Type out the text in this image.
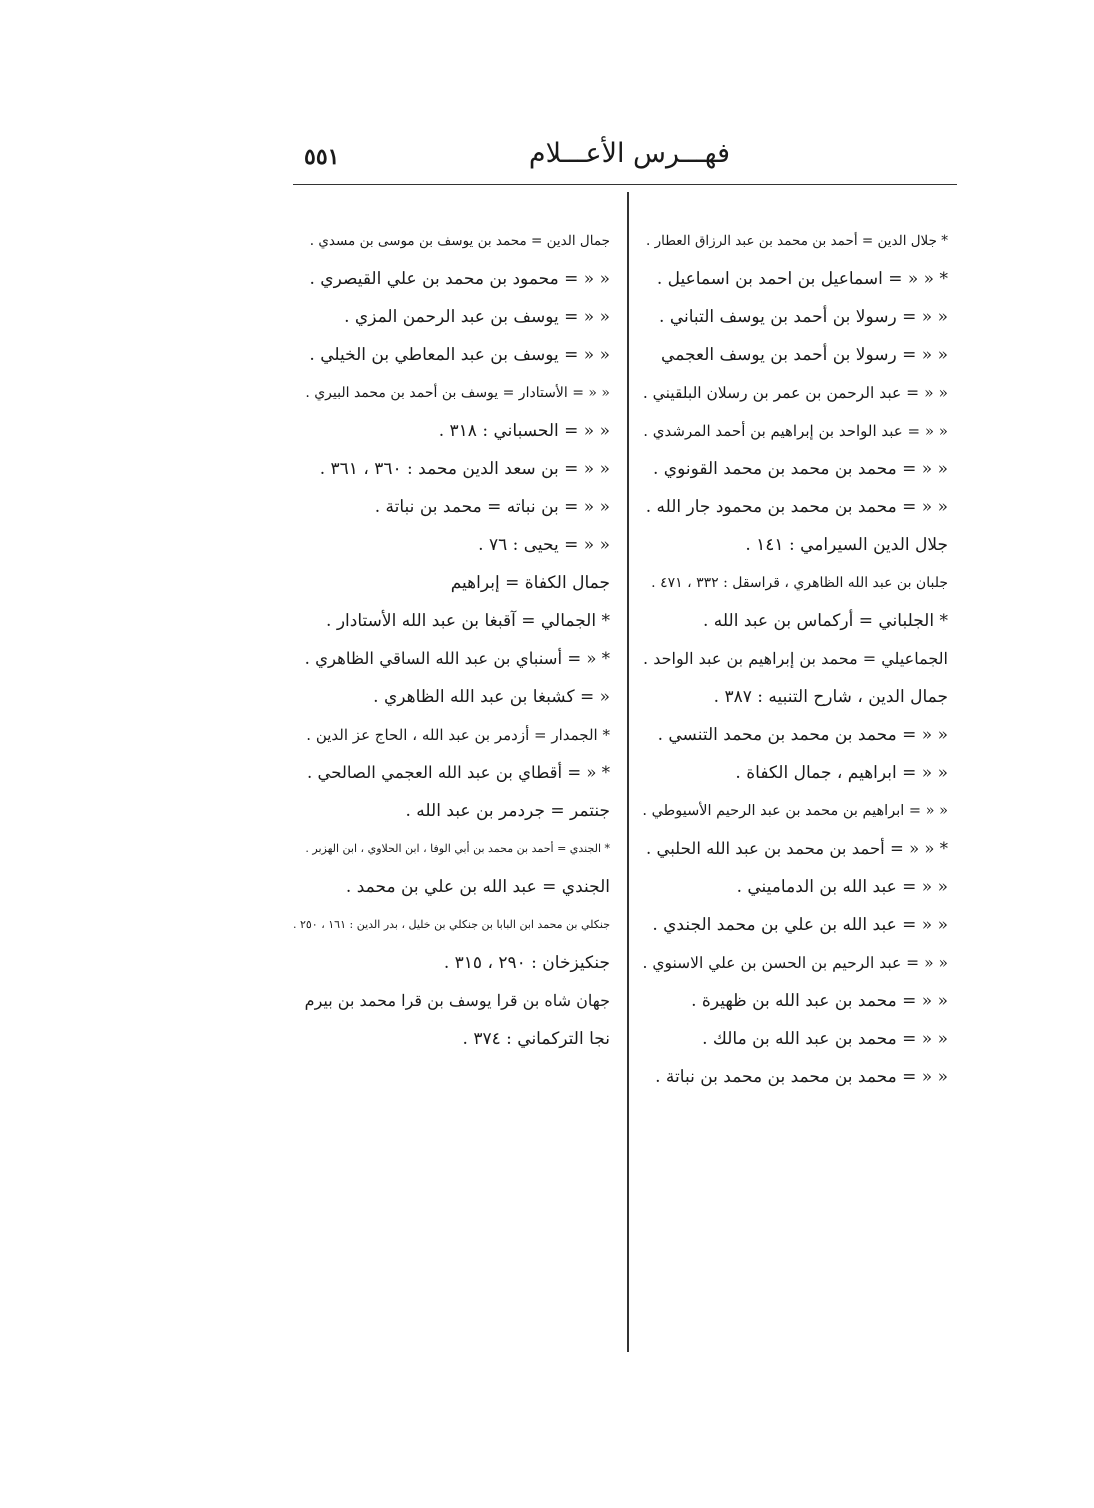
فهـــرس الأعـــلام
٥٥١

* جلال الدين = أحمد بن محمد بن عبد الرزاق العطار .

* « « = اسماعيل بن احمد بن اسماعيل .

« « = رسولا بن أحمد بن يوسف التباني .

« « = رسولا بن أحمد بن يوسف العجمي

« « = عبد الرحمن بن عمر بن رسلان البلقيني .

« « = عبد الواحد بن إبراهيم بن أحمد المرشدي .

« « = محمد بن محمد بن محمد القونوي .

« « = محمد بن محمد بن محمود جار الله .

جلال الدين السيرامي : ١٤١ .

جلبان بن عبد الله الظاهري ، قراسقل : ٣٣٢ ، ٤٧١ .

* الجلباني = أركماس بن عبد الله .

الجماعيلي = محمد بن إبراهيم بن عبد الواحد .

جمال الدين ، شارح التنبيه : ٣٨٧ .

« « = محمد بن محمد بن محمد التنسي .

« « = ابراهيم ، جمال الكفاة .

« « = ابراهيم بن محمد بن عبد الرحيم الأسيوطي .

* « « = أحمد بن محمد بن عبد الله الحلبي .

« « = عبد الله بن الدماميني .

« « = عبد الله بن علي بن محمد الجندي .

« « = عبد الرحيم بن الحسن بن علي الاسنوي .

« « = محمد بن عبد الله بن ظهيرة .

« « = محمد بن عبد الله بن مالك .

« « = محمد بن محمد بن محمد بن نباتة .

جمال الدين = محمد بن يوسف بن موسى بن مسدي .

« « = محمود بن محمد بن علي القيصري .

« « = يوسف بن عبد الرحمن المزي .

« « = يوسف بن عبد المعاطي بن الخيلي .

« « = الأستادار = يوسف بن أحمد بن محمد البيري .

« « = الحسباني : ٣١٨ .

« « = بن سعد الدين محمد : ٣٦٠ ، ٣٦١ .

« « = بن نباته = محمد بن نباتة .

« « = يحيى : ٧٦ .

جمال الكفاة = إبراهيم

* الجمالي = آقبغا بن عبد الله الأستادار .

* « = أسنباي بن عبد الله الساقي الظاهري .

« = كشبغا بن عبد الله الظاهري .

* الجمدار = أزدمر بن عبد الله ، الحاج عز الدين .

* « = أقطاي بن عبد الله العجمي الصالحي .

جنتمر = جردمر بن عبد الله .

* الجندي = أحمد بن محمد بن أبي الوفا ، ابن الحلاوي ، ابن الهزبر .

الجندي = عبد الله بن علي بن محمد .

جنكلي بن محمد ابن البابا بن جنكلي بن خليل ، بدر الدين : ١٦١ ، ٢٥٠ .

جنكيزخان : ٢٩٠ ، ٣١٥ .

جهان شاه بن قرا يوسف بن قرا محمد بن بيرم

نجا التركماني : ٣٧٤ .
